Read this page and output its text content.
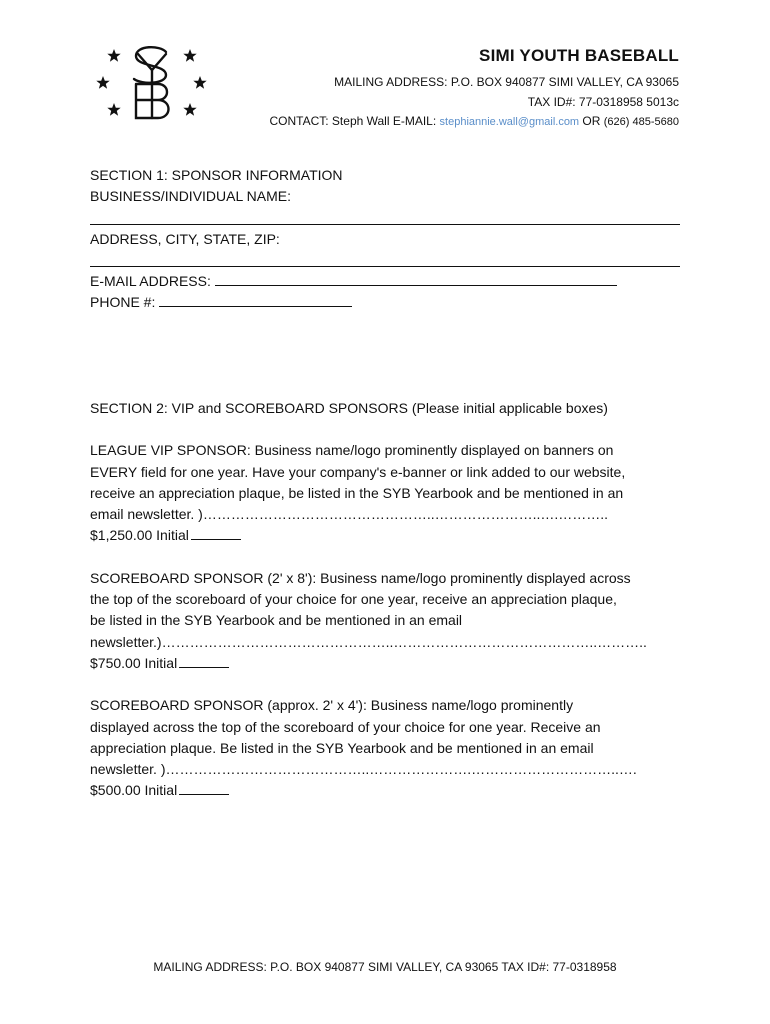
SIMI YOUTH BASEBALL
MAILING ADDRESS: P.O. BOX 940877 SIMI VALLEY, CA 93065
TAX ID#: 77-0318958 5013c
CONTACT: Steph Wall E-MAIL: stephiannie.wall@gmail.com OR (626) 485-5680
SECTION 1: SPONSOR INFORMATION
BUSINESS/INDIVIDUAL NAME:
ADDRESS, CITY, STATE, ZIP:
E-MAIL ADDRESS:
PHONE #:
SECTION 2: VIP and SCOREBOARD SPONSORS (Please initial applicable boxes)
LEAGUE VIP SPONSOR: Business name/logo prominently displayed on banners on
EVERY field for one year. Have your company's e-banner or link added to our website,
receive an appreciation plaque, be listed in the SYB Yearbook and be mentioned in an
email newsletter. )…………………………………………..…………………..….………..
$1,250.00 Initial
SCOREBOARD SPONSOR (2' x 8'): Business name/logo prominently displayed across
the top of the scoreboard of your choice for one year, receive an appreciation plaque,
be listed in the SYB Yearbook and be mentioned in an email
newsletter.)…………………………………………..……………………………………..………..
$750.00 Initial
SCOREBOARD SPONSOR (approx. 2' x 4'): Business name/logo prominently
displayed across the top of the scoreboard of your choice for one year. Receive an
appreciation plaque. Be listed in the SYB Yearbook and be mentioned in an email
newsletter. )……………………………………..………………….…………………………..….
$500.00 Initial
MAILING ADDRESS: P.O. BOX 940877 SIMI VALLEY, CA 93065 TAX ID#: 77-0318958
